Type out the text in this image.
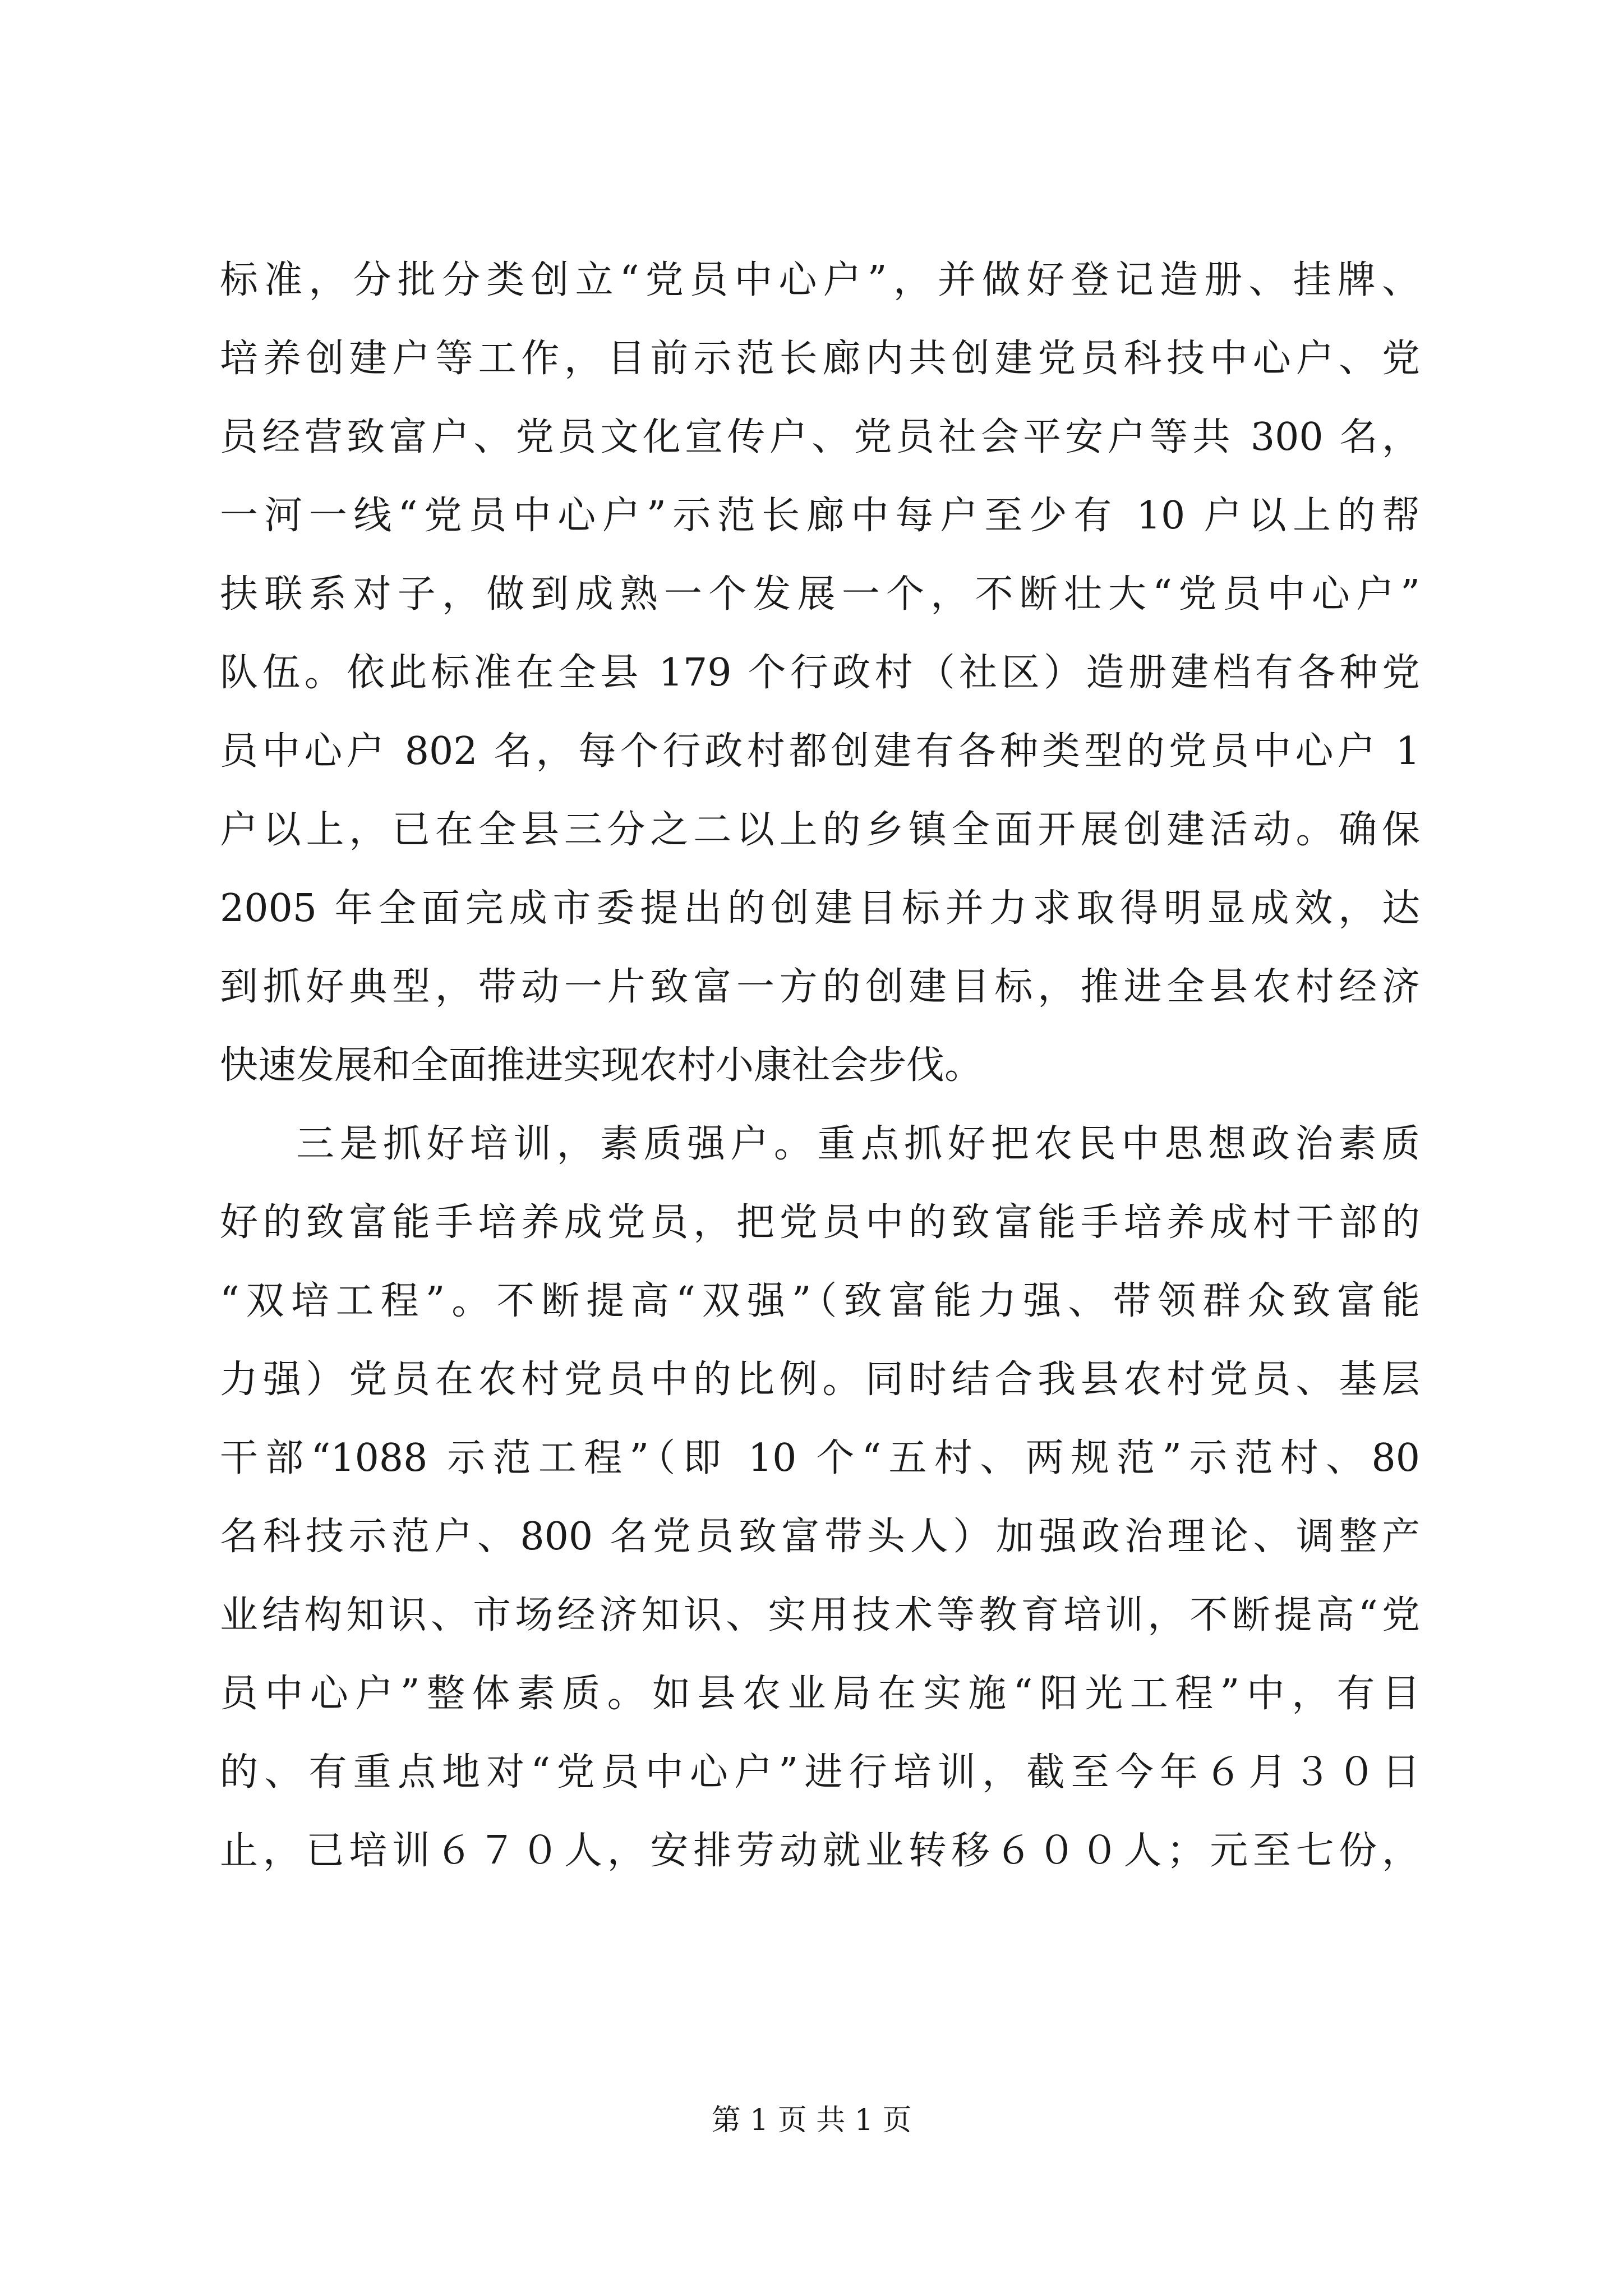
标准，分批分类创立“党员中心户”，并做好登记造册、挂牌、
培养创建户等工作，目前示范长廊内共创建党员科技中心户、党
员经营致富户、党员文化宣传户、党员社会平安户等共 300 名，
一河一线“党员中心户”示范长廊中每户至少有 10 户以上的帮
扶联系对子，做到成熟一个发展一个，不断壮大“党员中心户”
队伍。依此标准在全县 179 个行政村（社区）造册建档有各种党
员中心户 802 名，每个行政村都创建有各种类型的党员中心户 1
户以上，已在全县三分之二以上的乡镇全面开展创建活动。确保
2005 年全面完成市委提出的创建目标并力求取得明显成效，达
到抓好典型，带动一片致富一方的创建目标，推进全县农村经济
快速发展和全面推进实现农村小康社会步伐。
三是抓好培训，素质强户。重点抓好把农民中思想政治素质
好的致富能手培养成党员，把党员中的致富能手培养成村干部的
“双培工程”。不断提高“双强”（致富能力强、带领群众致富能
力强）党员在农村党员中的比例。同时结合我县农村党员、基层
干部“1088 示范工程”（即 10 个“五村、两规范”示范村、80
名科技示范户、800 名党员致富带头人）加强政治理论、调整产
业结构知识、市场经济知识、实用技术等教育培训，不断提高“党
员中心户”整体素质。如县农业局在实施“阳光工程”中，有目
的、有重点地对“党员中心户”进行培训，截至今年６月３０日
止，已培训６７０人，安排劳动就业转移６００人；元至七份，
第 1 页 共 1 页
